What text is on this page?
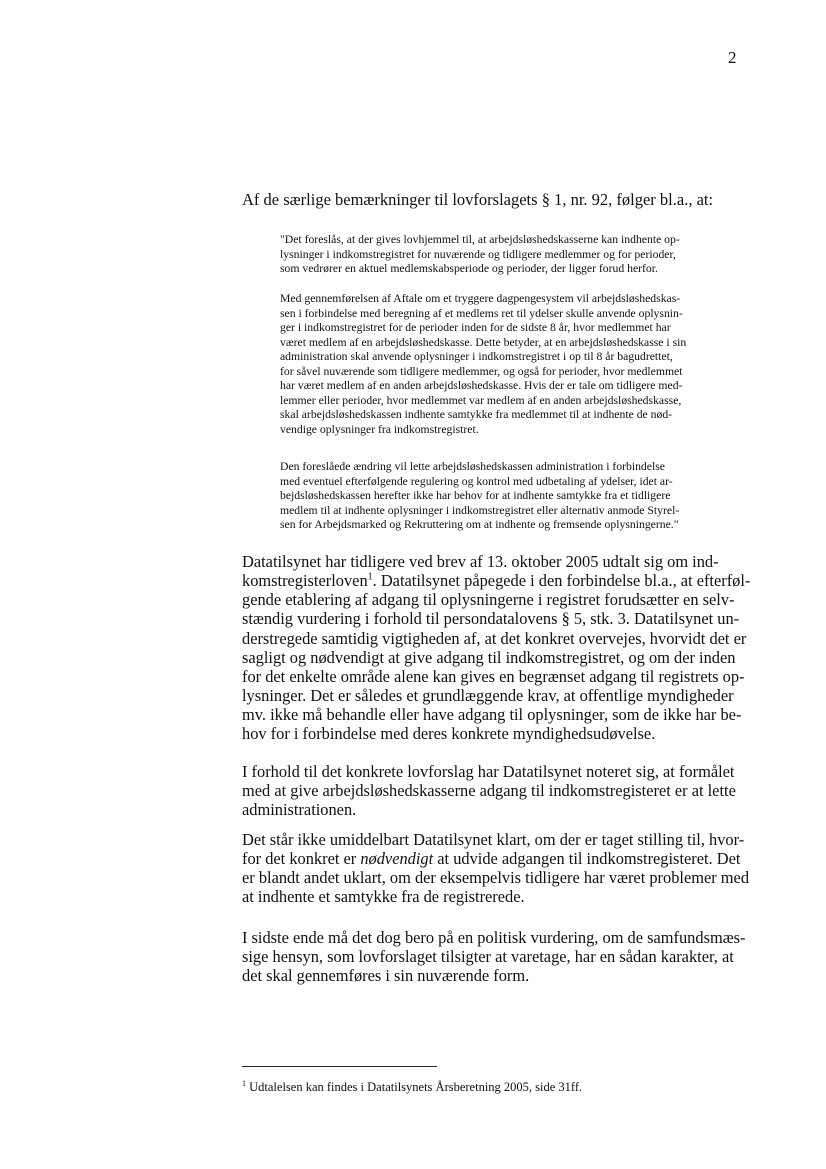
2
Af de særlige bemærkninger til lovforslagets § 1, nr. 92, følger bl.a., at:
"Det foreslås, at der gives lovhjemmel til, at arbejdsløshedskasserne kan indhente op-
lysninger i indkomstregistret for nuværende og tidligere medlemmer og for perioder,
som vedrører en aktuel medlemskabsperiode og perioder, der ligger forud herfor.
Med gennemførelsen af Aftale om et tryggere dagpengesystem vil arbejdsløshedskas-
sen i forbindelse med beregning af et medlems ret til ydelser skulle anvende oplysnin-
ger i indkomstregistret for de perioder inden for de sidste 8 år, hvor medlemmet har
været medlem af en arbejdsløshedskasse. Dette betyder, at en arbejdsløshedskasse i sin
administration skal anvende oplysninger i indkomstregistret i op til 8 år bagudrettet,
for såvel nuværende som tidligere medlemmer, og også for perioder, hvor medlemmet
har været medlem af en anden arbejdsløshedskasse. Hvis der er tale om tidligere med-
lemmer eller perioder, hvor medlemmet var medlem af en anden arbejdsløshedskasse,
skal arbejdsløshedskassen indhente samtykke fra medlemmet til at indhente de nød-
vendige oplysninger fra indkomstregistret.
Den foreslåede ændring vil lette arbejdsløshedskassen administration i forbindelse
med eventuel efterfølgende regulering og kontrol med udbetaling af ydelser, idet ar-
bejdsløshedskassen herefter ikke har behov for at indhente samtykke fra et tidligere
medlem til at indhente oplysninger i indkomstregistret eller alternativ anmode Styrel-
sen for Arbejdsmarked og Rekruttering om at indhente og fremsende oplysningerne."
Datatilsynet har tidligere ved brev af 13. oktober 2005 udtalt sig om ind-
komstregisterloven$^1$. Datatilsynet påpegede i den forbindelse bl.a., at efterføl-
gende etablering af adgang til oplysningerne i registret forudsætter en selv-
stændig vurdering i forhold til persondatalovens § 5, stk. 3. Datatilsynet un-
derstregede samtidig vigtigheden af, at det konkret overvejes, hvorvidt det er
sagligt og nødvendigt at give adgang til indkomstregistret, og om der inden
for det enkelte område alene kan gives en begrænset adgang til registrets op-
lysninger. Det er således et grundlæggende krav, at offentlige myndigheder
mv. ikke må behandle eller have adgang til oplysninger, som de ikke har be-
hov for i forbindelse med deres konkrete myndighedsudøvelse.
I forhold til det konkrete lovforslag har Datatilsynet noteret sig, at formålet
med at give arbejdsløshedskasserne adgang til indkomstregisteret er at lette
administrationen.
Det står ikke umiddelbart Datatilsynet klart, om der er taget stilling til, hvor-
for det konkret er nødvendigt at udvide adgangen til indkomstregisteret. Det
er blandt andet uklart, om der eksempelvis tidligere har været problemer med
at indhente et samtykke fra de registrerede.
I sidste ende må det dog bero på en politisk vurdering, om de samfundsmæs-
sige hensyn, som lovforslaget tilsigter at varetage, har en sådan karakter, at
det skal gennemføres i sin nuværende form.
$^1$ Udtalelsen kan findes i Datatilsynets Årsberetning 2005, side 31ff.
